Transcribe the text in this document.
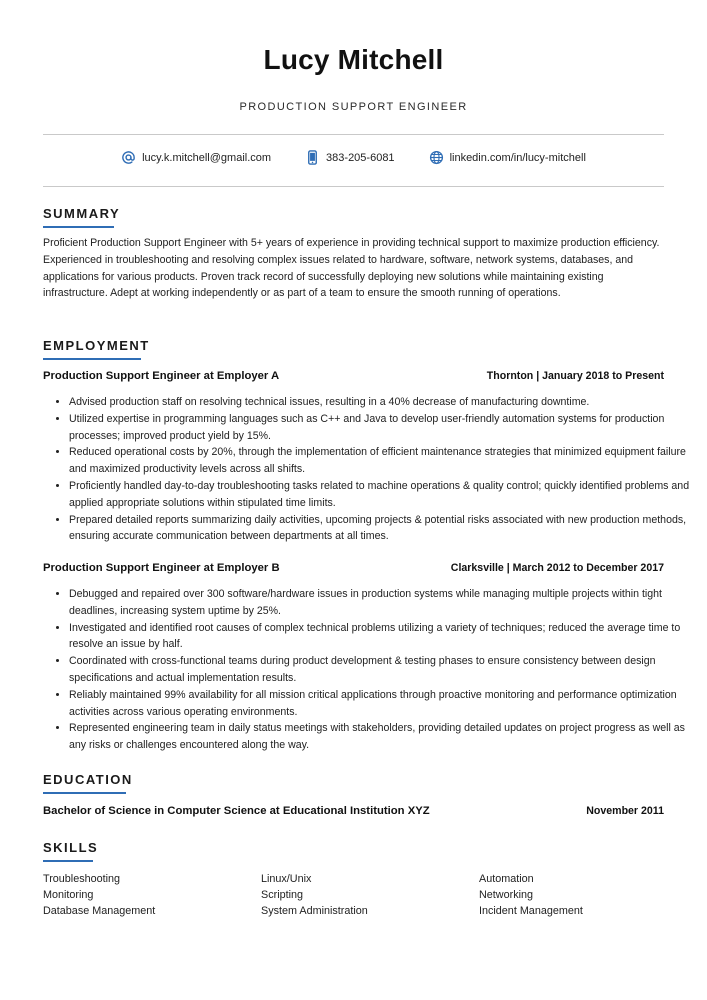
Lucy Mitchell
PRODUCTION SUPPORT ENGINEER
lucy.k.mitchell@gmail.com	383-205-6081	linkedin.com/in/lucy-mitchell
SUMMARY
Proficient Production Support Engineer with 5+ years of experience in providing technical support to maximize production efficiency. Experienced in troubleshooting and resolving complex issues related to hardware, software, network systems, databases, and applications for various products. Proven track record of successfully deploying new solutions while maintaining existing infrastructure. Adept at working independently or as part of a team to ensure the smooth running of operations.
EMPLOYMENT
Production Support Engineer at Employer A	Thornton | January 2018 to Present
• Advised production staff on resolving technical issues, resulting in a 40% decrease of manufacturing downtime.
• Utilized expertise in programming languages such as C++ and Java to develop user-friendly automation systems for production processes; improved product yield by 15%.
• Reduced operational costs by 20%, through the implementation of efficient maintenance strategies that minimized equipment failure and maximized productivity levels across all shifts.
• Proficiently handled day-to-day troubleshooting tasks related to machine operations & quality control; quickly identified problems and applied appropriate solutions within stipulated time limits.
• Prepared detailed reports summarizing daily activities, upcoming projects & potential risks associated with new production methods, ensuring accurate communication between departments at all times.
Production Support Engineer at Employer B	Clarksville | March 2012 to December 2017
• Debugged and repaired over 300 software/hardware issues in production systems while managing multiple projects within tight deadlines, increasing system uptime by 25%.
• Investigated and identified root causes of complex technical problems utilizing a variety of techniques; reduced the average time to resolve an issue by half.
• Coordinated with cross-functional teams during product development & testing phases to ensure consistency between design specifications and actual implementation results.
• Reliably maintained 99% availability for all mission critical applications through proactive monitoring and performance optimization activities across various operating environments.
• Represented engineering team in daily status meetings with stakeholders, providing detailed updates on project progress as well as any risks or challenges encountered along the way.
EDUCATION
Bachelor of Science in Computer Science at Educational Institution XYZ	November 2011
SKILLS
Troubleshooting	Linux/Unix	Automation
Monitoring	Scripting	Networking
Database Management	System Administration	Incident Management
